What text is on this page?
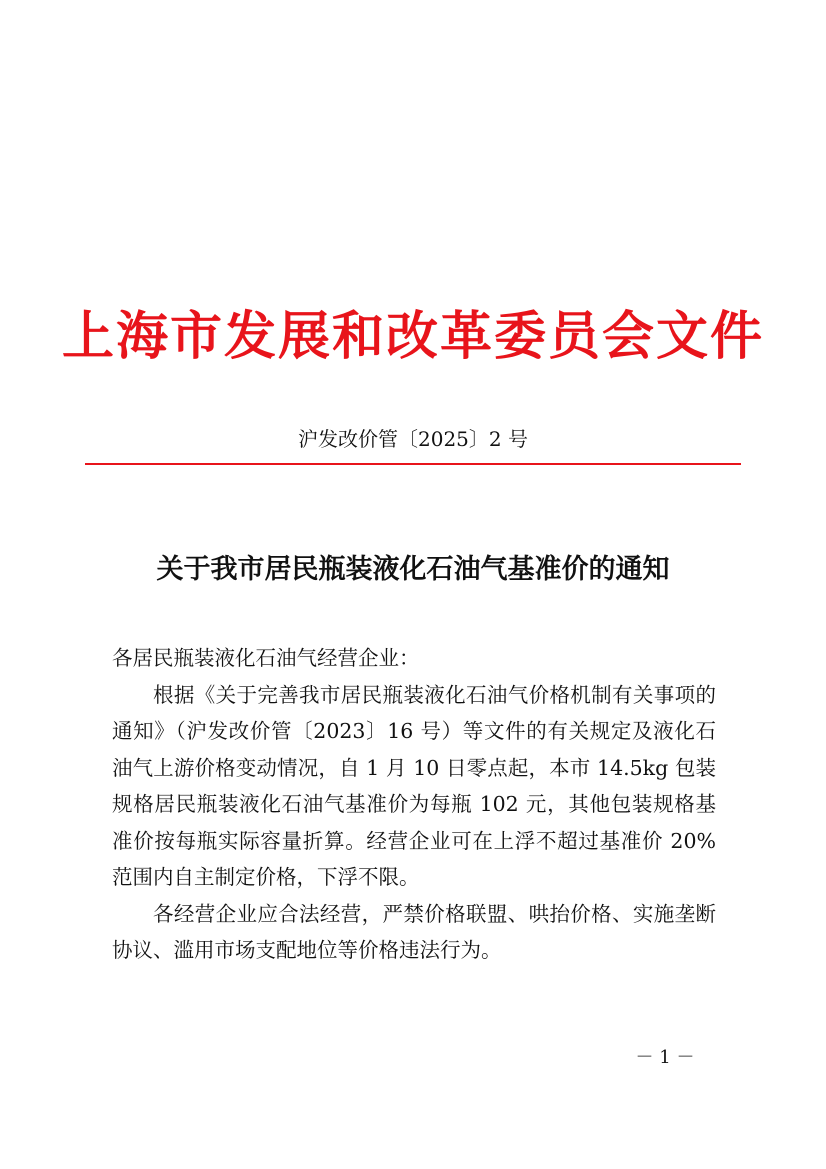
上海市发展和改革委员会文件
沪发改价管〔2025〕2 号
关于我市居民瓶装液化石油气基准价的通知

各居民瓶装液化石油气经营企业：

根据《关于完善我市居民瓶装液化石油气价格机制有关事项的通知》（沪发改价管〔2023〕16 号）等文件的有关规定及液化石油气上游价格变动情况，自 1 月 10 日零点起，本市 14.5kg 包装规格居民瓶装液化石油气基准价为每瓶 102 元，其他包装规格基准价按每瓶实际容量折算。经营企业可在上浮不超过基准价 20%范围内自主制定价格，下浮不限。

各经营企业应合法经营，严禁价格联盟、哄抬价格、实施垄断协议、滥用市场支配地位等价格违法行为。

－ 1 －
